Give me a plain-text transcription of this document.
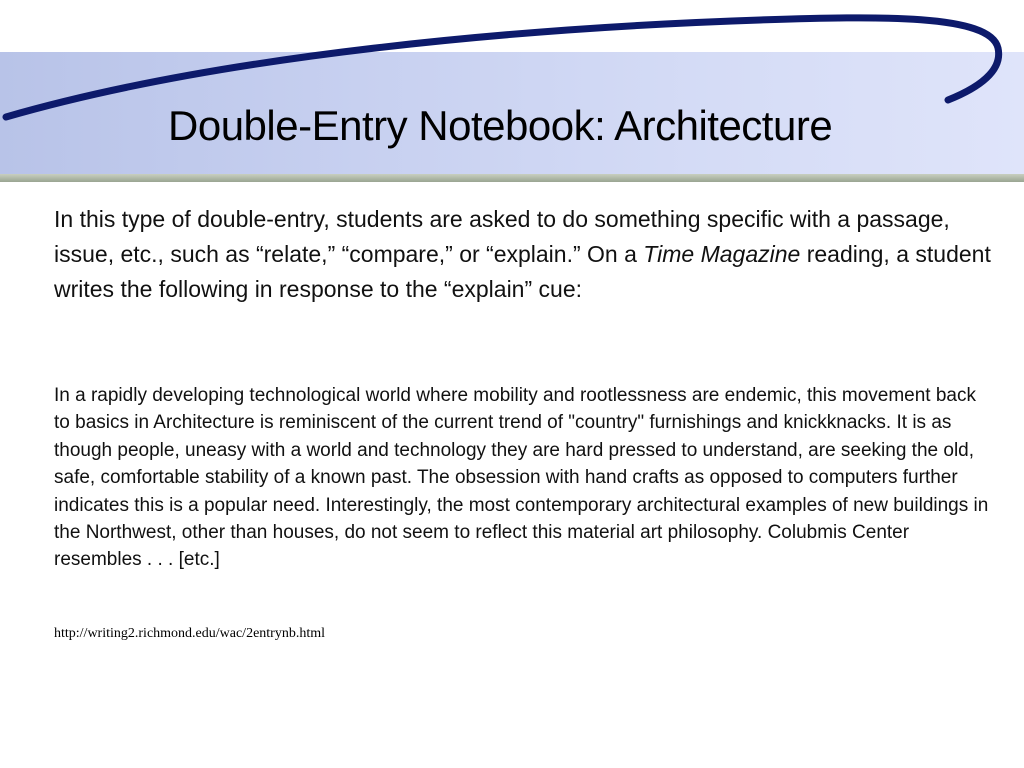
Double-Entry Notebook: Architecture

In this type of double-entry, students are asked to do something specific with a passage, issue, etc., such as “relate,” “compare,” or “explain.” On a Time Magazine reading, a student writes the following in response to the “explain” cue:

In a rapidly developing technological world where mobility and rootlessness are endemic, this movement back to basics in Architecture is reminiscent of the current trend of "country" furnishings and knickknacks. It is as though people, uneasy with a world and technology they are hard pressed to understand, are seeking the old, safe, comfortable stability of a known past. The obsession with hand crafts as opposed to computers further indicates this is a popular need. Interestingly, the most contemporary architectural examples of new buildings in the Northwest, other than houses, do not seem to reflect this material art philosophy. Colubmis Center resembles . . . [etc.]

http://writing2.richmond.edu/wac/2entrynb.html
